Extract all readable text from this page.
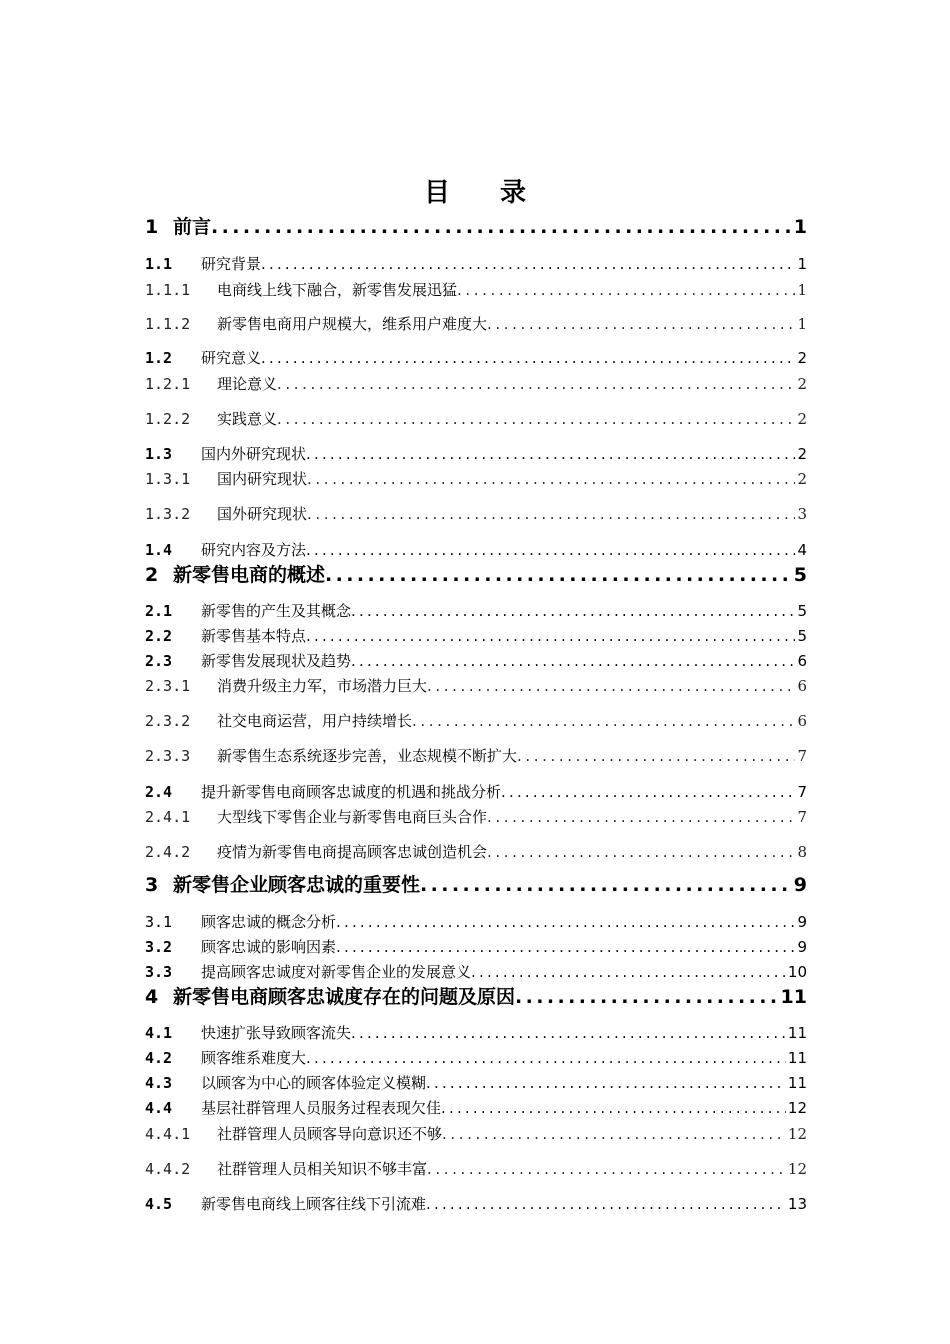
目录
1 前言 .....	1
1.1	研究背景 .....	1
1.1.1	电商线上线下融合，新零售发展迅猛 .....	1
1.1.2	新零售电商用户规模大，维系用户难度大 .....	1
1.2	研究意义 .....	2
1.2.1	理论意义 .....	2
1.2.2	实践意义 .....	2
1.3	国内外研究现状 .....	2
1.3.1	国内研究现状 .....	2
1.3.2	国外研究现状 .....	3
1.4	研究内容及方法 .....	4
2 新零售电商的概述 .....	5
2.1	新零售的产生及其概念 .....	5
2.2	新零售基本特点 .....	5
2.3	新零售发展现状及趋势 .....	6
2.3.1	消费升级主力军，市场潜力巨大 .....	6
2.3.2	社交电商运营，用户持续增长 .....	6
2.3.3	新零售生态系统逐步完善，业态规模不断扩大 .....	7
2.4	提升新零售电商顾客忠诚度的机遇和挑战分析 .....	7
2.4.1	大型线下零售企业与新零售电商巨头合作 .....	7
2.4.2	疫情为新零售电商提高顾客忠诚创造机会 .....	8
3 新零售企业顾客忠诚的重要性 .....	9
3.1	顾客忠诚的概念分析 .....	9
3.2	顾客忠诚的影响因素 .....	9
3.3	提高顾客忠诚度对新零售企业的发展意义 .....	10
4 新零售电商顾客忠诚度存在的问题及原因 .....	11
4.1	快速扩张导致顾客流失 .....	11
4.2	顾客维系难度大 .....	11
4.3	以顾客为中心的顾客体验定义模糊 .....	11
4.4	基层社群管理人员服务过程表现欠佳 .....	12
4.4.1	社群管理人员顾客导向意识还不够 .....	12
4.4.2	社群管理人员相关知识不够丰富 .....	12
4.5	新零售电商线上顾客往线下引流难 .....	13
